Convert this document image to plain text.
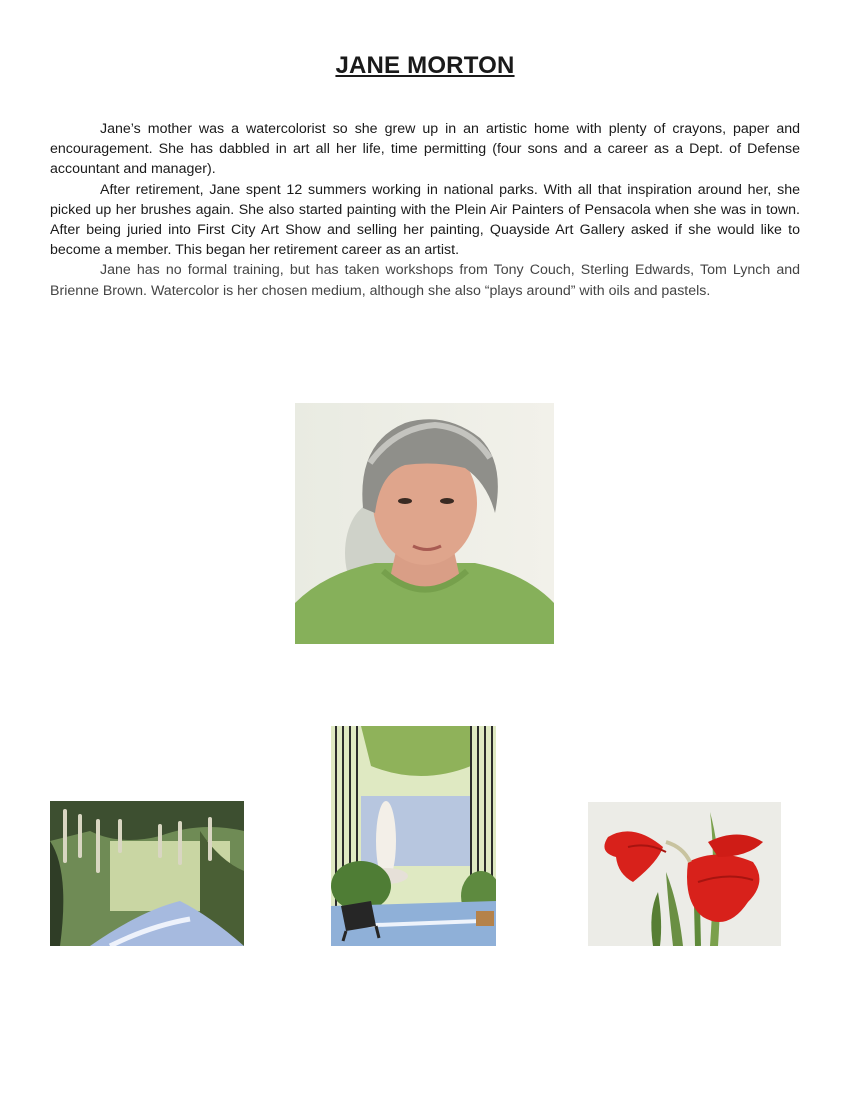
JANE MORTON

Jane’s mother was a watercolorist so she grew up in an artistic home with plenty of crayons, paper and encouragement. She has dabbled in art all her life, time permitting (four sons and a career as a Dept. of Defense accountant and manager).

After retirement, Jane spent 12 summers working in national parks. With all that inspiration around her, she picked up her brushes again. She also started painting with the Plein Air Painters of Pensacola when she was in town. After being juried into First City Art Show and selling her painting, Quayside Art Gallery asked if she would like to become a member. This began her retirement career as an artist.

Jane has no formal training, but has taken workshops from Tony Couch, Sterling Edwards, Tom Lynch and Brienne Brown. Watercolor is her chosen medium, although she also “plays around” with oils and pastels.
